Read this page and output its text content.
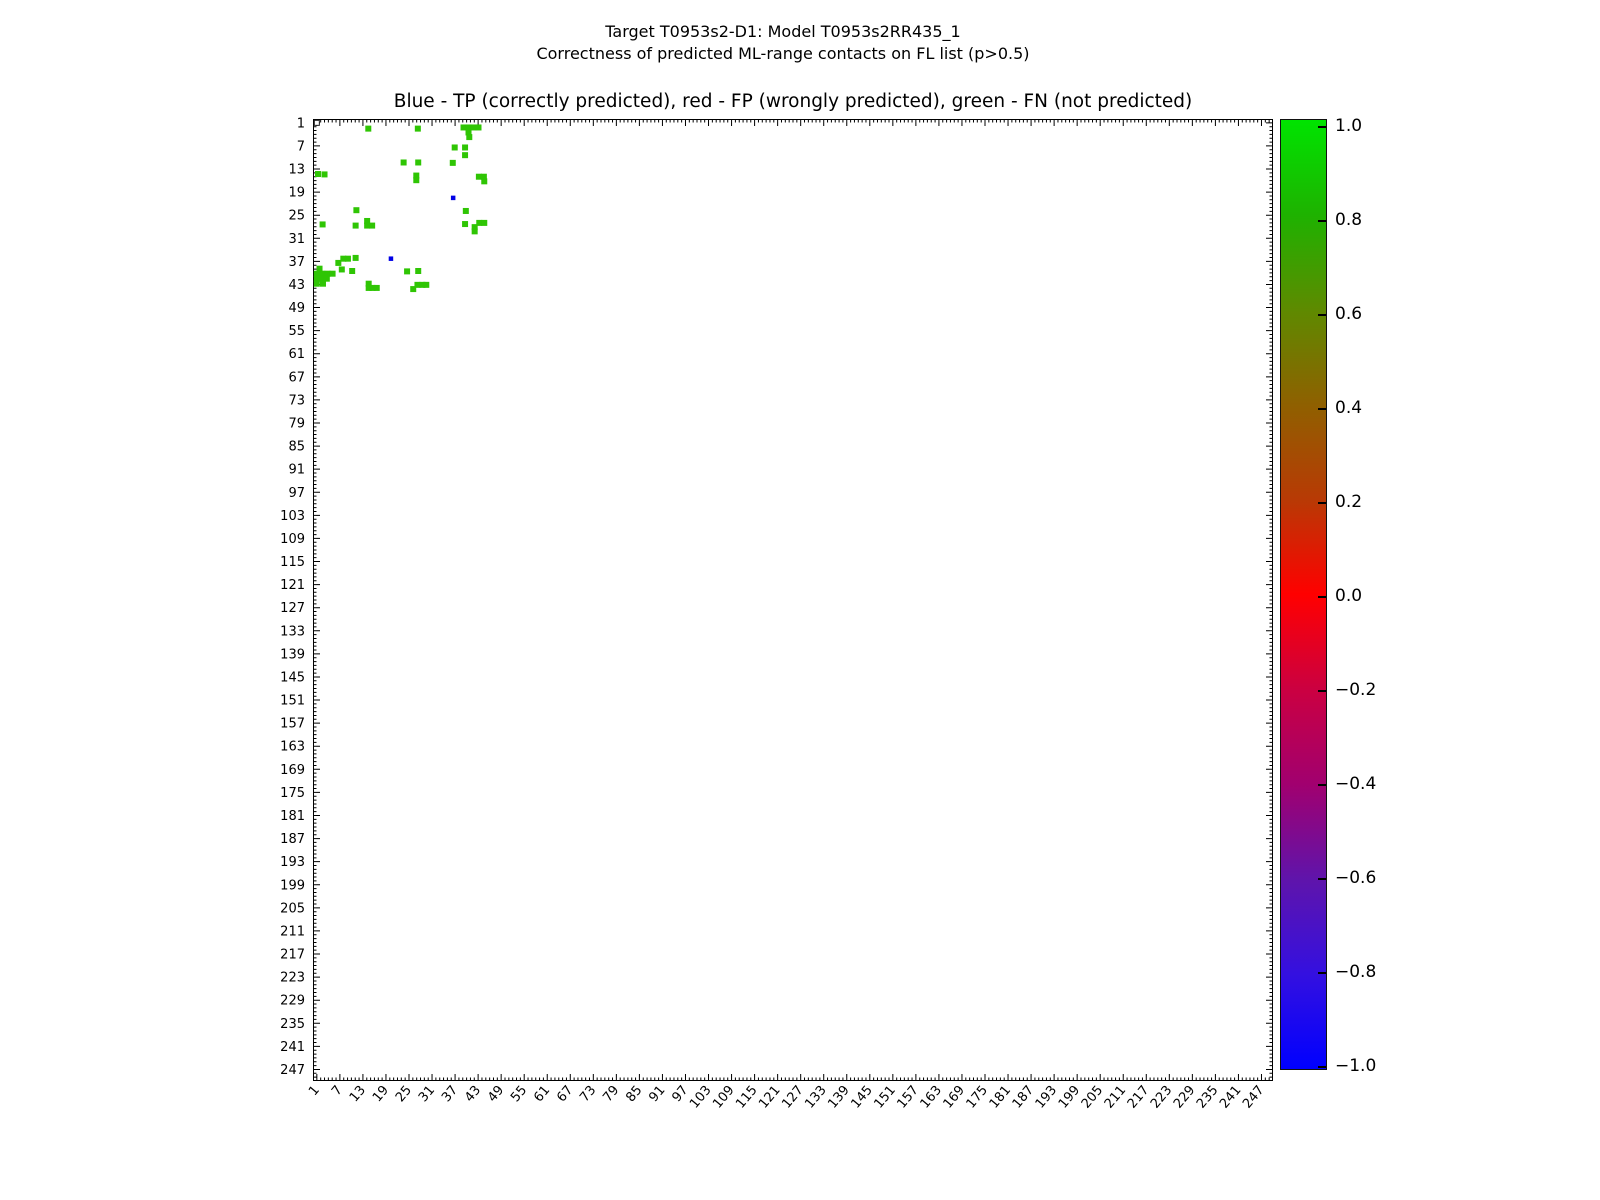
Target T0953s2-D1: Model T0953s2RR435_1
Correctness of predicted ML-range contacts on FL list (p>0.5)
Blue - TP (correctly predicted), red - FP (wrongly predicted), green - FN (not predicted)
1
7
13
19
25
31
37
43
49
55
61
67
73
79
85
91
97
103
109
115
121
127
133
139
145
151
157
163
169
175
181
187
193
199
205
211
217
223
229
235
241
247
1 7 13 19 25 31 37 43 49 55 61 67 73 79 85 91 97
103
109
115
121
127
133
139
145
151
157
163
169
175
181
187
193
199
205
211
217
223
229
235
241
247
1.0
0.8
0.6
0.4
0.2
0.0
−0.2
−0.4
−0.6
−0.8
−1.0
